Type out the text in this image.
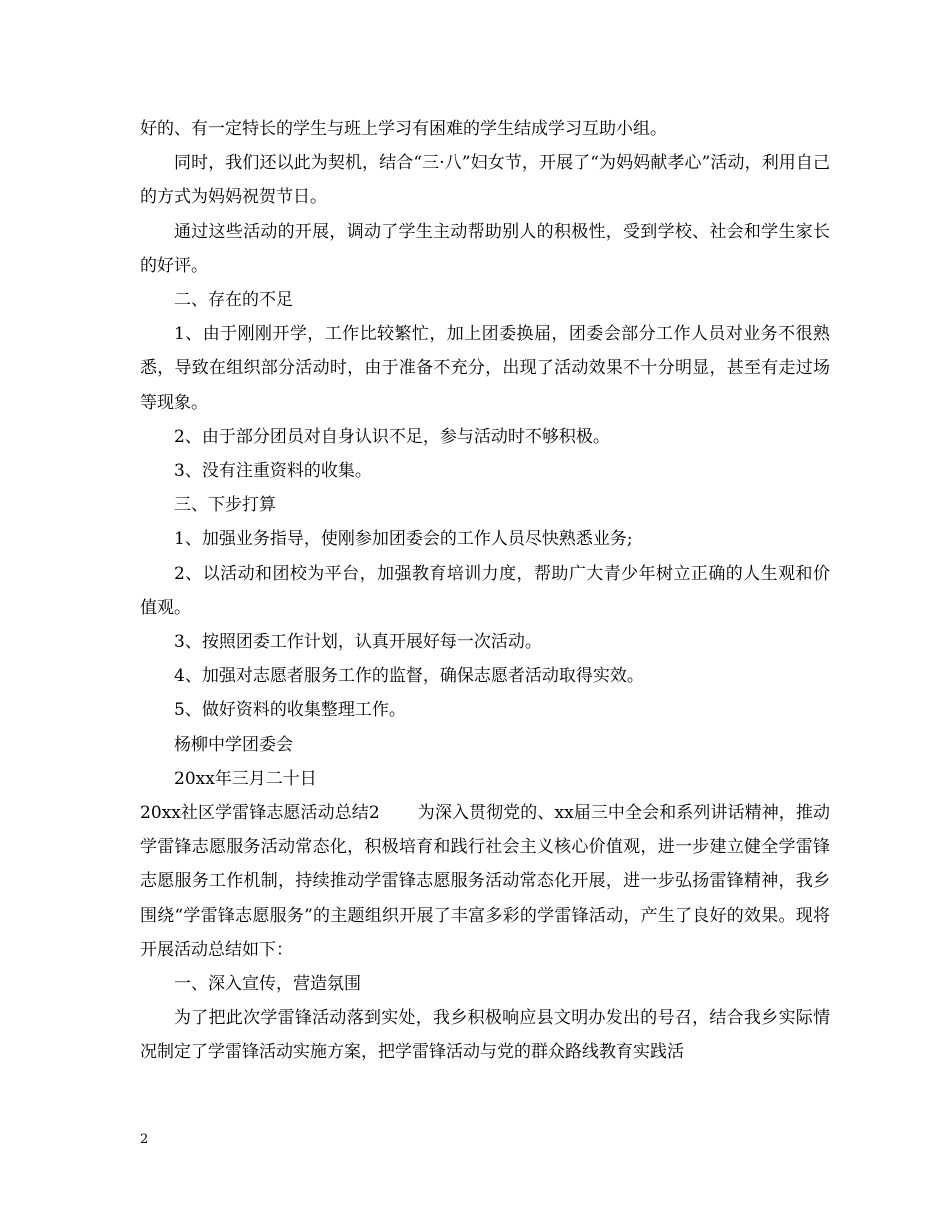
好的、有一定特长的学生与班上学习有困难的学生结成学习互助小组。

同时，我们还以此为契机，结合“三·八”妇女节，开展了“为妈妈献孝心”活动，利用自己的方式为妈妈祝贺节日。

通过这些活动的开展，调动了学生主动帮助别人的积极性，受到学校、社会和学生家长的好评。

二、存在的不足

1、由于刚刚开学，工作比较繁忙，加上团委换届，团委会部分工作人员对业务不很熟悉，导致在组织部分活动时，由于准备不充分，出现了活动效果不十分明显，甚至有走过场等现象。

2、由于部分团员对自身认识不足，参与活动时不够积极。

3、没有注重资料的收集。

三、下步打算

1、加强业务指导，使刚参加团委会的工作人员尽快熟悉业务;

2、以活动和团校为平台，加强教育培训力度，帮助广大青少年树立正确的人生观和价值观。

3、按照团委工作计划，认真开展好每一次活动。

4、加强对志愿者服务工作的监督，确保志愿者活动取得实效。

5、做好资料的收集整理工作。

杨柳中学团委会

20xx年三月二十日

20xx社区学雷锋志愿活动总结2 为深入贯彻党的、xx届三中全会和系列讲话精神，推动学雷锋志愿服务活动常态化，积极培育和践行社会主义核心价值观，进一步建立健全学雷锋志愿服务工作机制，持续推动学雷锋志愿服务活动常态化开展，进一步弘扬雷锋精神，我乡围绕“学雷锋志愿服务”的主题组织开展了丰富多彩的学雷锋活动，产生了良好的效果。现将开展活动总结如下：

一、深入宣传，营造氛围

为了把此次学雷锋活动落到实处，我乡积极响应县文明办发出的号召，结合我乡实际情况制定了学雷锋活动实施方案，把学雷锋活动与党的群众路线教育实践活

2
